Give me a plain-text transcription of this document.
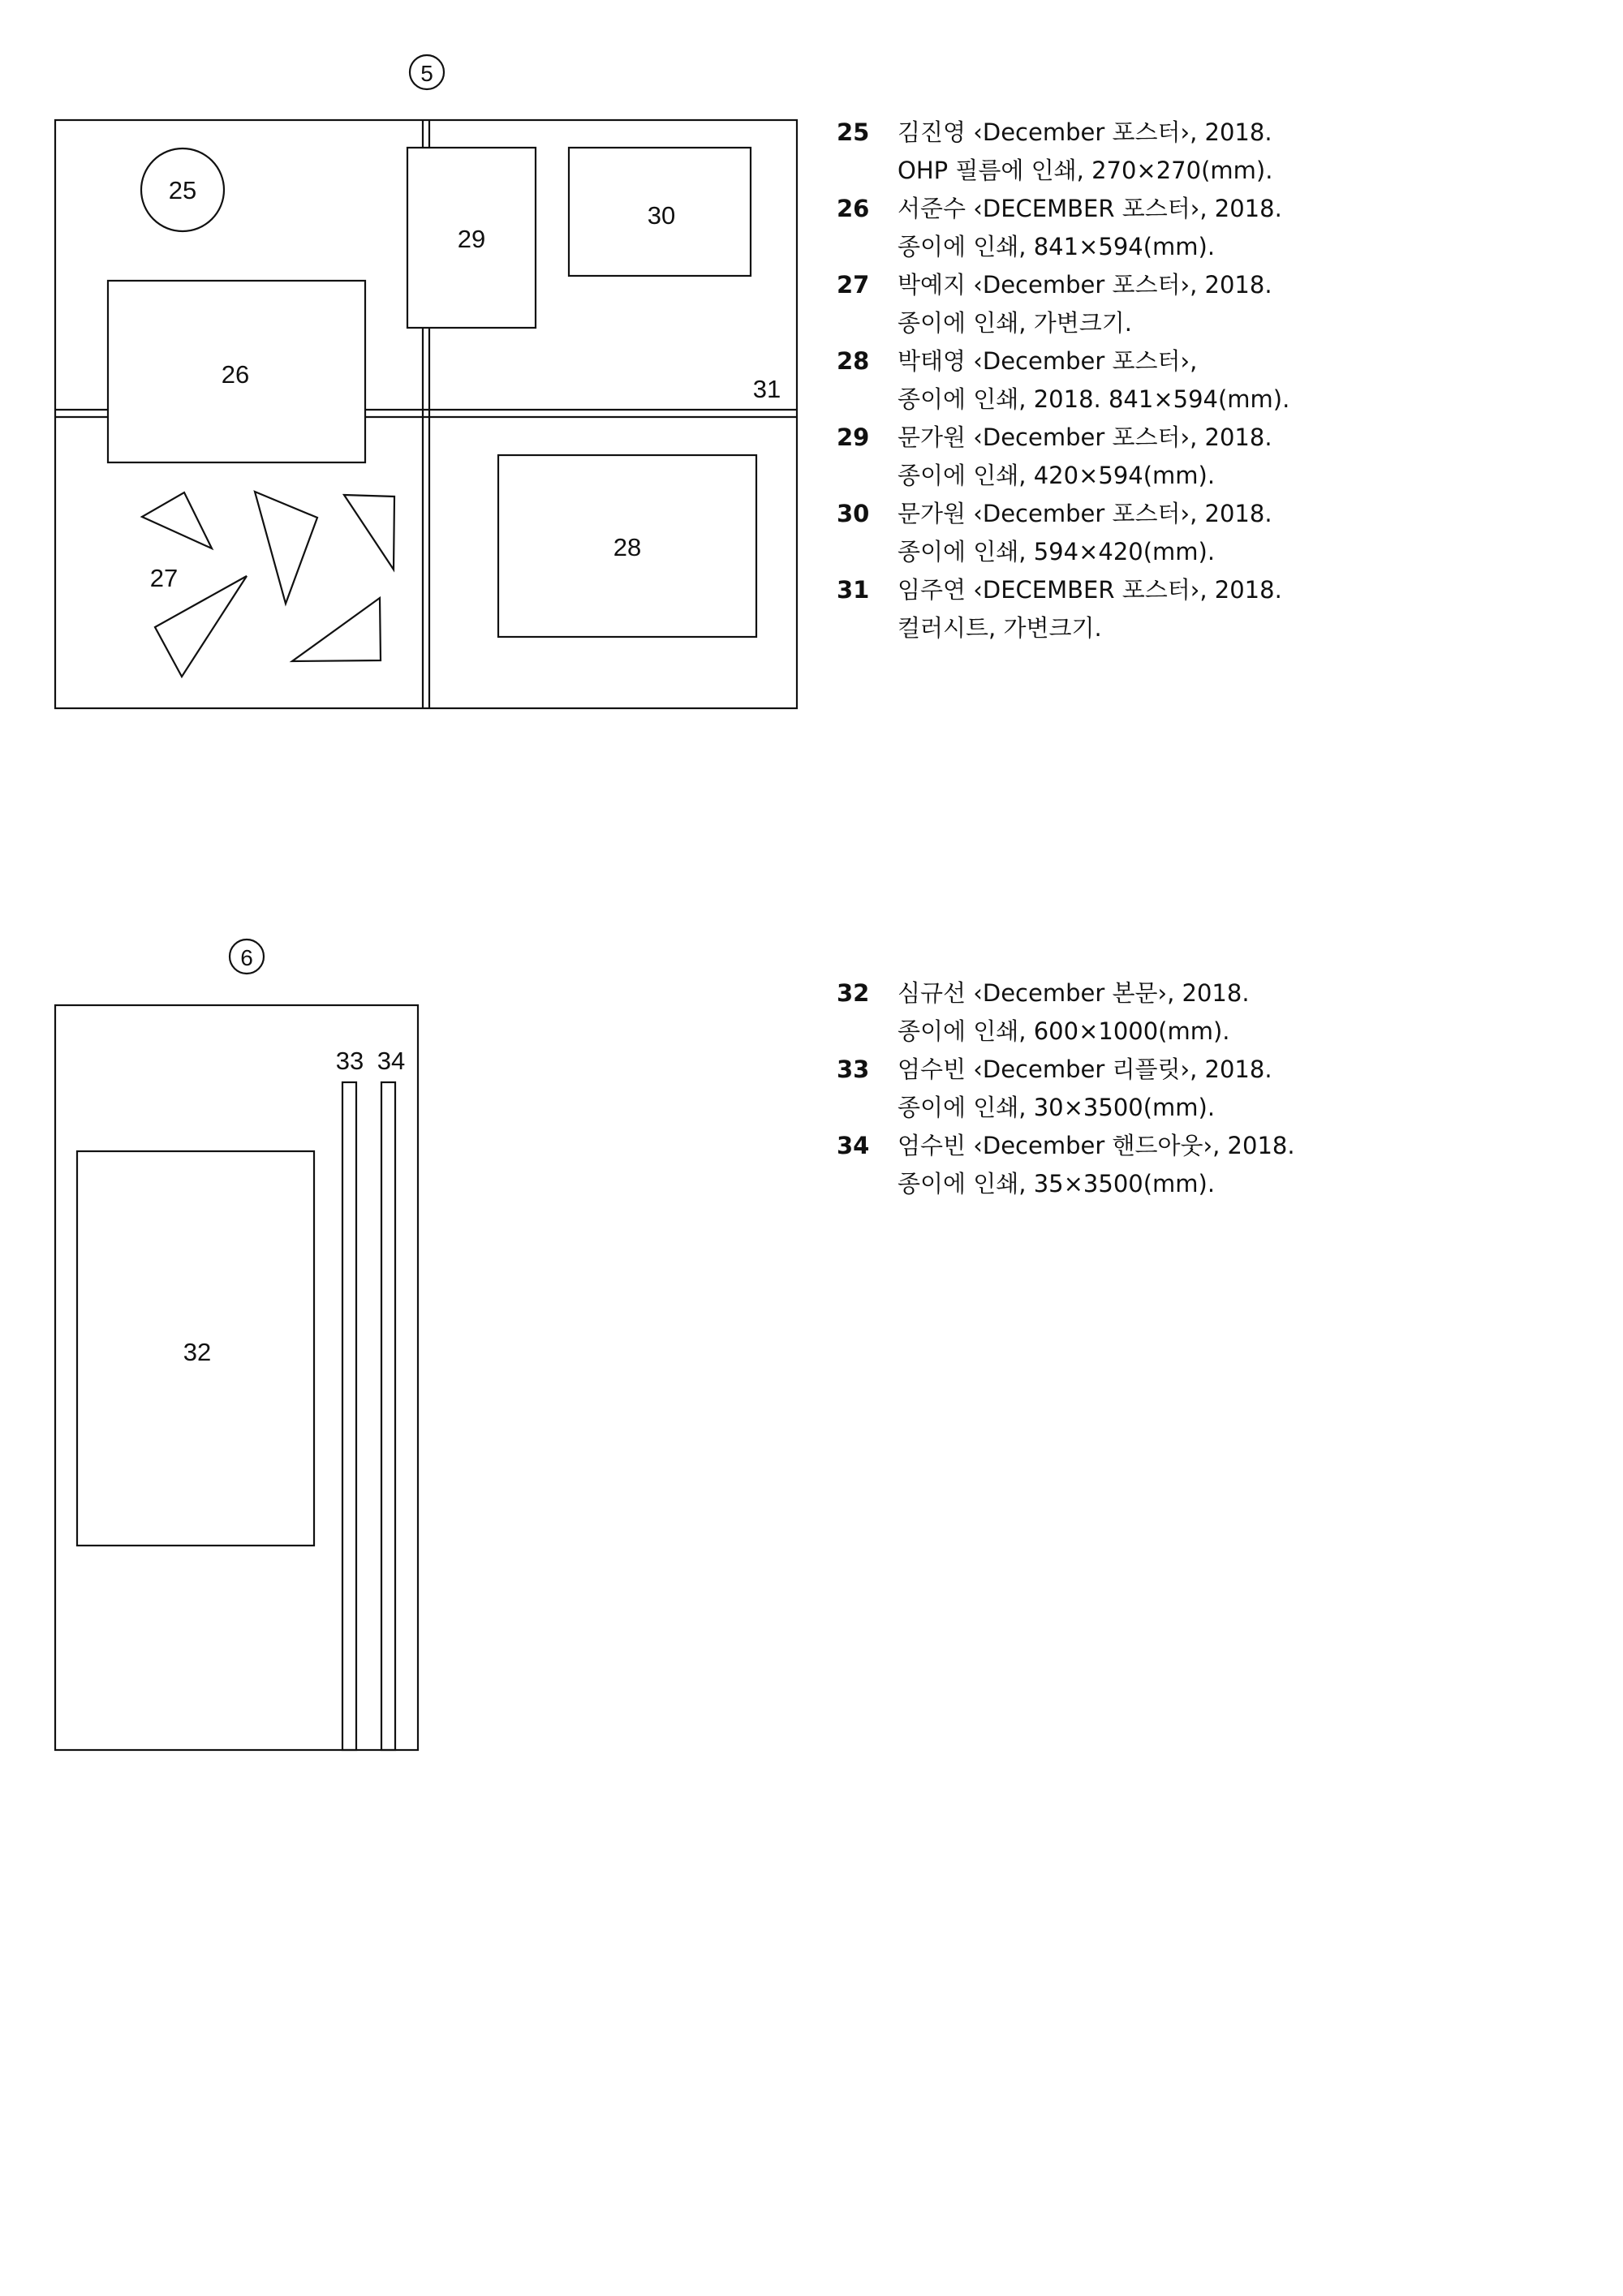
5
25
26
27
28
29
30
31
6
32
33 34
25 김진영 ‹December 포스터›, 2018.
OHP 필름에 인쇄, 270×270(mm).
26 서준수 ‹DECEMBER 포스터›, 2018.
종이에 인쇄, 841×594(mm).
27 박예지 ‹December 포스터›, 2018.
종이에 인쇄, 가변크기.
28 박태영 ‹December 포스터›,
종이에 인쇄, 2018. 841×594(mm).
29 문가원 ‹December 포스터›, 2018.
종이에 인쇄, 420×594(mm).
30 문가원 ‹December 포스터›, 2018.
종이에 인쇄, 594×420(mm).
31 임주연 ‹DECEMBER 포스터›, 2018.
컬러시트, 가변크기.
32 심규선 ‹December 본문›, 2018.
종이에 인쇄, 600×1000(mm).
33 엄수빈 ‹December 리플릿›, 2018.
종이에 인쇄, 30×3500(mm).
34 엄수빈 ‹December 핸드아웃›, 2018.
종이에 인쇄, 35×3500(mm).
